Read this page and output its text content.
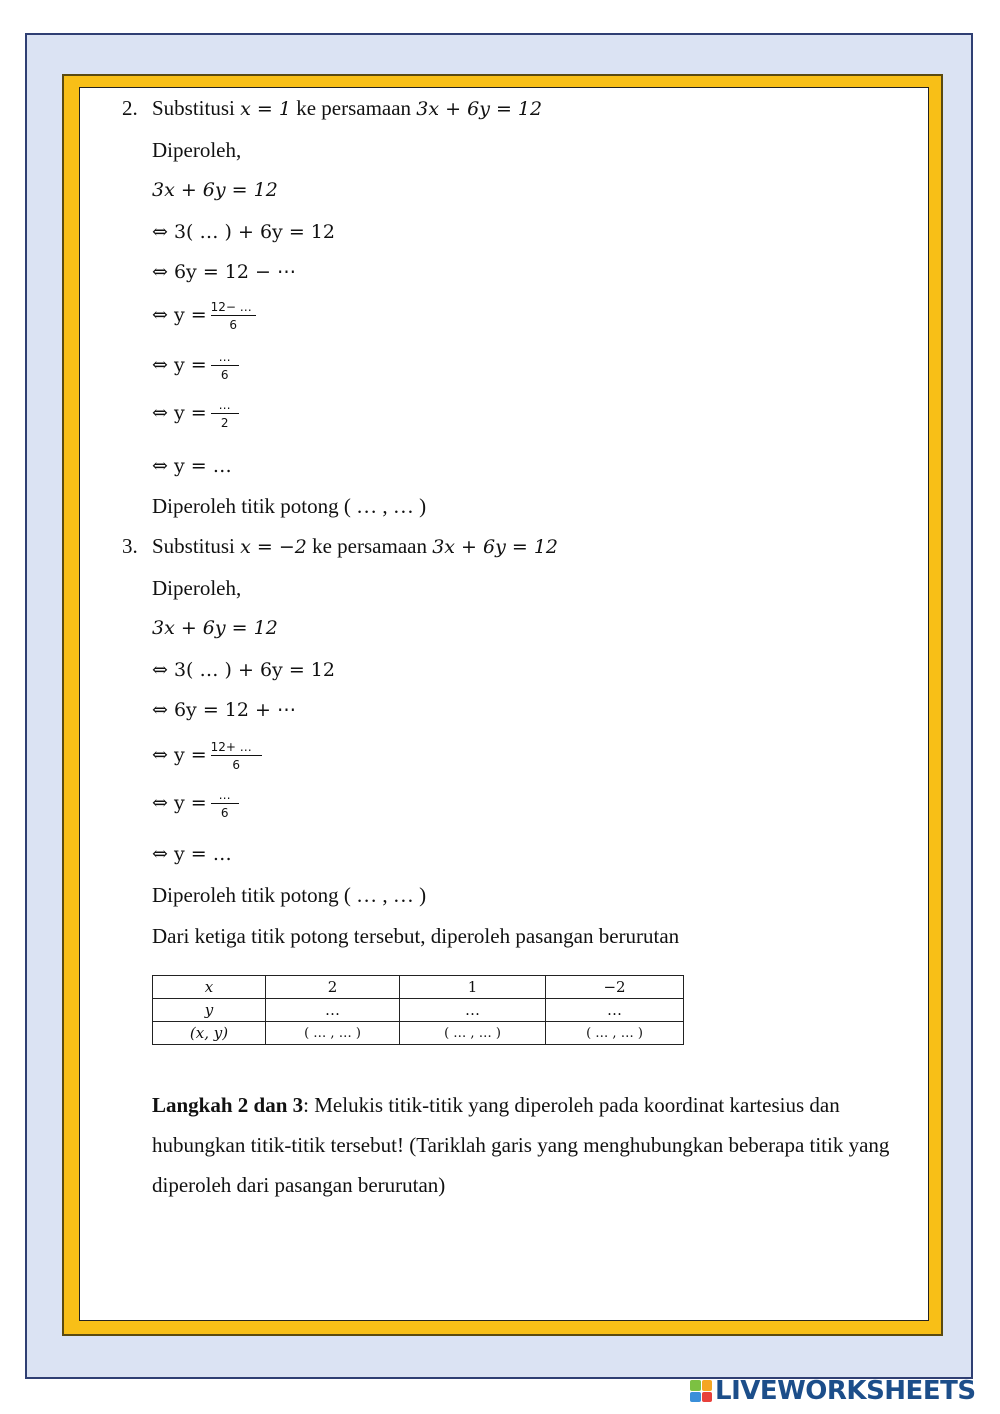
2. Substitusi x = 1 ke persamaan 3x + 6y = 12
Diperoleh,
3x + 6y = 12
⇔ 3( … ) + 6y = 12
⇔ 6y = 12 − ⋯
⇔ $y = \frac{12- \dots}{6}$
⇔ $y = \frac{\dots}{6}$
⇔ $y = \frac{\dots}{2}$
⇔ y = …
Diperoleh titik potong ( … , … )
3. Substitusi x = −2 ke persamaan 3x + 6y = 12
Diperoleh,
3x + 6y = 12
⇔ 3( … ) + 6y = 12
⇔ 6y = 12 + ⋯
⇔ $y = \frac{12+ \dots}{6}$
⇔ $y = \frac{\dots}{6}$
⇔ y = …
Diperoleh titik potong ( … , … )
Dari ketiga titik potong tersebut, diperoleh pasangan berurutan
x	2	1	−2
y	…	…	…
(x, y)	( … , … )	( … , … )	( … , … )
Langkah 2 dan 3: Melukis titik-titik yang diperoleh pada koordinat kartesius dan hubungkan titik-titik tersebut! (Tariklah garis yang menghubungkan beberapa titik yang diperoleh dari pasangan berurutan)
LIVEWORKSHEETS
